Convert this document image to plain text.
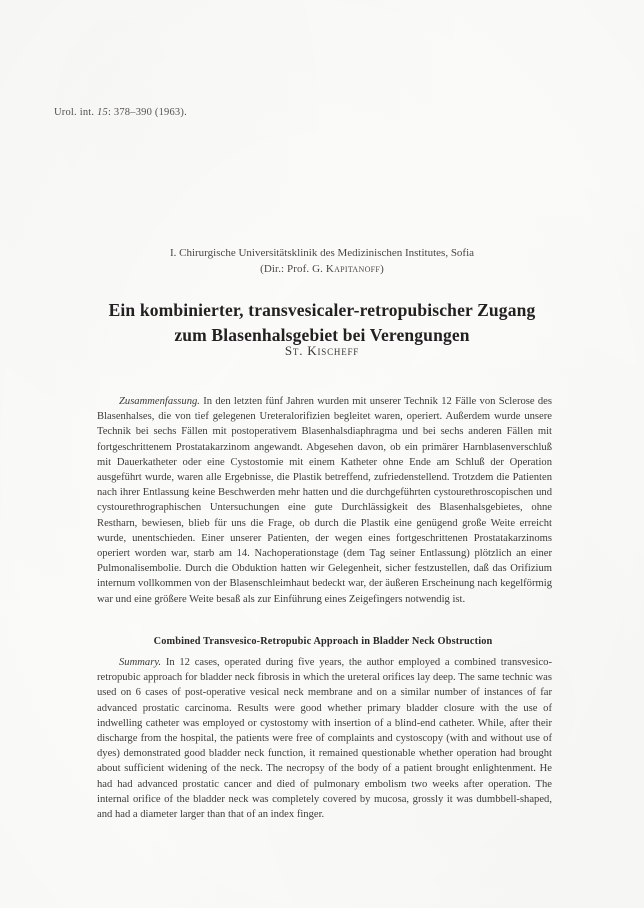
Urol. int. 15: 378–390 (1963).
I. Chirurgische Universitätsklinik des Medizinischen Institutes, Sofia
(Dir.: Prof. G. Kapitanoff)
Ein kombinierter, transvesicaler-retropubischer Zugang
zum Blasenhalsgebiet bei Verengungen
St. Kischeff
Zusammenfassung. In den letzten fünf Jahren wurden mit unserer Technik 12 Fälle von Sclerose des Blasenhalses, die von tief gelegenen Ureteralorifizien begleitet waren, operiert. Außerdem wurde unsere Technik bei sechs Fällen mit postoperativem Blasenhalsdiaphragma und bei sechs anderen Fällen mit fortgeschrittenem Prostatakarzinom angewandt. Abgesehen davon, ob ein primärer Harnblasenverschluß mit Dauerkatheter oder eine Cystostomie mit einem Katheter ohne Ende am Schluß der Operation ausgeführt wurde, waren alle Ergebnisse, die Plastik betreffend, zufriedenstellend. Trotzdem die Patienten nach ihrer Entlassung keine Beschwerden mehr hatten und die durchgeführten cystourethroscopischen und cystourethrographischen Untersuchungen eine gute Durchlässigkeit des Blasenhalsgebietes, ohne Restharn, bewiesen, blieb für uns die Frage, ob durch die Plastik eine genügend große Weite erreicht wurde, unentschieden. Einer unserer Patienten, der wegen eines fortgeschrittenen Prostatakarzinoms operiert worden war, starb am 14. Nachoperationstage (dem Tag seiner Entlassung) plötzlich an einer Pulmonalisembolie. Durch die Obduktion hatten wir Gelegenheit, sicher festzustellen, daß das Orifizium internum vollkommen von der Blasenschleimhaut bedeckt war, der äußeren Erscheinung nach kegelförmig war und eine größere Weite besaß als zur Einführung eines Zeigefingers notwendig ist.
Combined Transvesico-Retropubic Approach in Bladder Neck Obstruction
Summary. In 12 cases, operated during five years, the author employed a combined transvesico-retropubic approach for bladder neck fibrosis in which the ureteral orifices lay deep. The same technic was used on 6 cases of post-operative vesical neck membrane and on a similar number of instances of far advanced prostatic carcinoma. Results were good whether primary bladder closure with the use of indwelling catheter was employed or cystostomy with insertion of a blind-end catheter. While, after their discharge from the hospital, the patients were free of complaints and cystoscopy (with and without use of dyes) demonstrated good bladder neck function, it remained questionable whether operation had brought about sufficient widening of the neck. The necropsy of the body of a patient brought enlightenment. He had had advanced prostatic cancer and died of pulmonary embolism two weeks after operation. The internal orifice of the bladder neck was completely covered by mucosa, grossly it was dumbbell-shaped, and had a diameter larger than that of an index finger.
